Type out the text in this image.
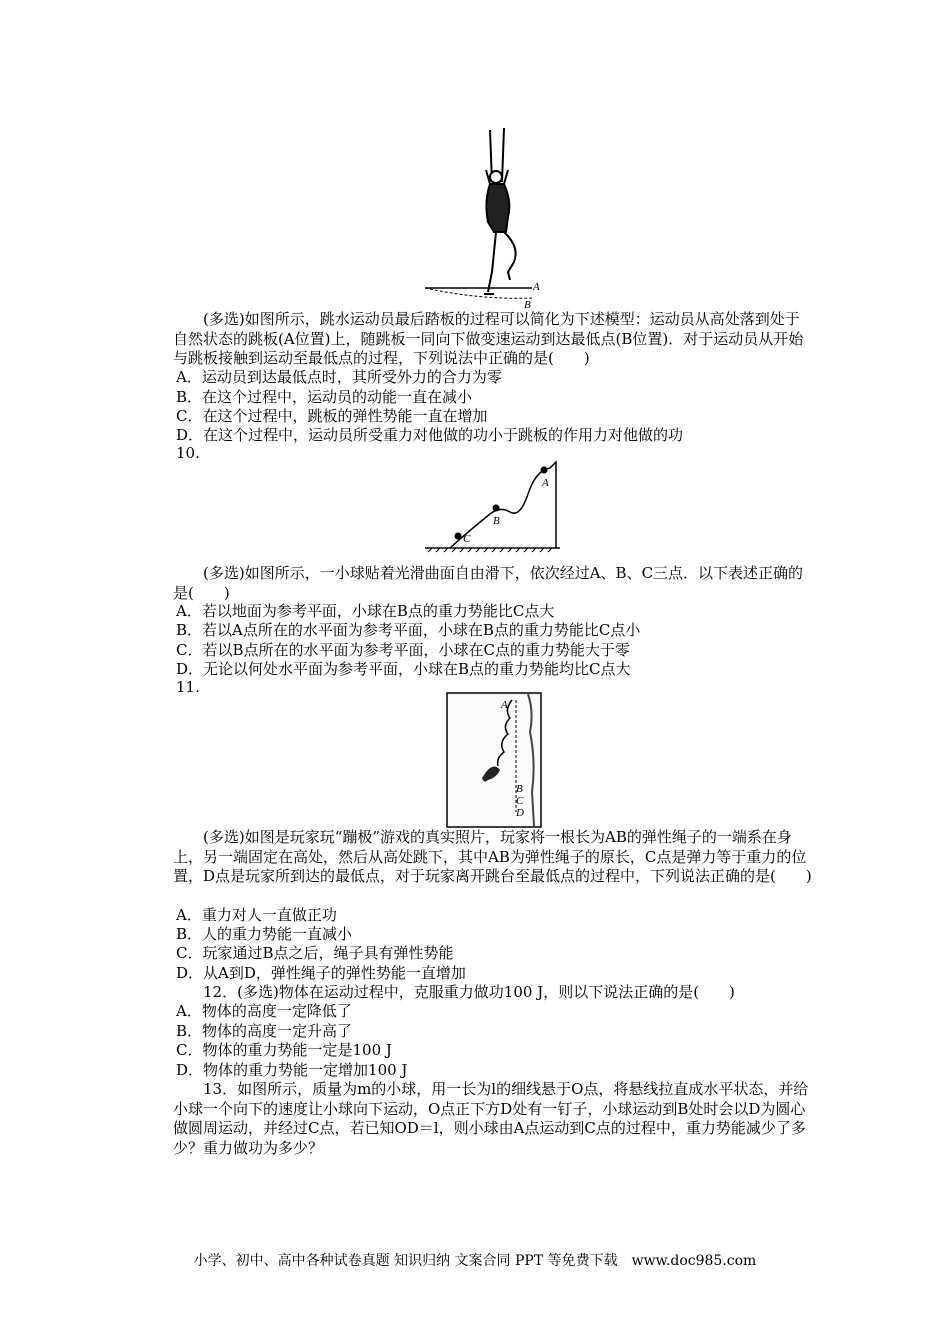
A
B

(多选)如图所示，跳水运动员最后踏板的过程可以简化为下述模型：运动员从高处落到处于自然状态的跳板(A位置)上，随跳板一同向下做变速运动到达最低点(B位置)．对于运动员从开始与跳板接触到运动至最低点的过程，下列说法中正确的是(　　)

A．运动员到达最低点时，其所受外力的合力为零
B．在这个过程中，运动员的动能一直在减小
C．在这个过程中，跳板的弹性势能一直在增加
D．在这个过程中，运动员所受重力对他做的功小于跳板的作用力对他做的功
10.
A
B
C

(多选)如图所示，一小球贴着光滑曲面自由滑下，依次经过A、B、C三点．以下表述正确的是(　　)

A．若以地面为参考平面，小球在B点的重力势能比C点大
B．若以A点所在的水平面为参考平面，小球在B点的重力势能比C点小
C．若以B点所在的水平面为参考平面，小球在C点的重力势能大于零
D．无论以何处水平面为参考平面，小球在B点的重力势能均比C点大
11.
A
B
C
D

(多选)如图是玩家玩“蹦极”游戏的真实照片，玩家将一根长为AB的弹性绳子的一端系在身上，另一端固定在高处，然后从高处跳下，其中AB为弹性绳子的原长，C点是弹力等于重力的位置，D点是玩家所到达的最低点，对于玩家离开跳台至最低点的过程中，下列说法正确的是(　　)

A．重力对人一直做正功
B．人的重力势能一直减小
C．玩家通过B点之后，绳子具有弹性势能
D．从A到D，弹性绳子的弹性势能一直增加

12．(多选)物体在运动过程中，克服重力做功100 J，则以下说法正确的是(　　)

A．物体的高度一定降低了
B．物体的高度一定升高了
C．物体的重力势能一定是100 J
D．物体的重力势能一定增加100 J

13．如图所示，质量为m的小球，用一长为l的细线悬于O点，将悬线拉直成水平状态，并给小球一个向下的速度让小球向下运动，O点正下方D处有一钉子，小球运动到B处时会以D为圆心做圆周运动，并经过C点，若已知OD＝l，则小球由A点运动到C点的过程中，重力势能减少了多少？重力做功为多少？

小学、初中、高中各种试卷真题 知识归纳 文案合同 PPT 等免费下载　www.doc985.com
